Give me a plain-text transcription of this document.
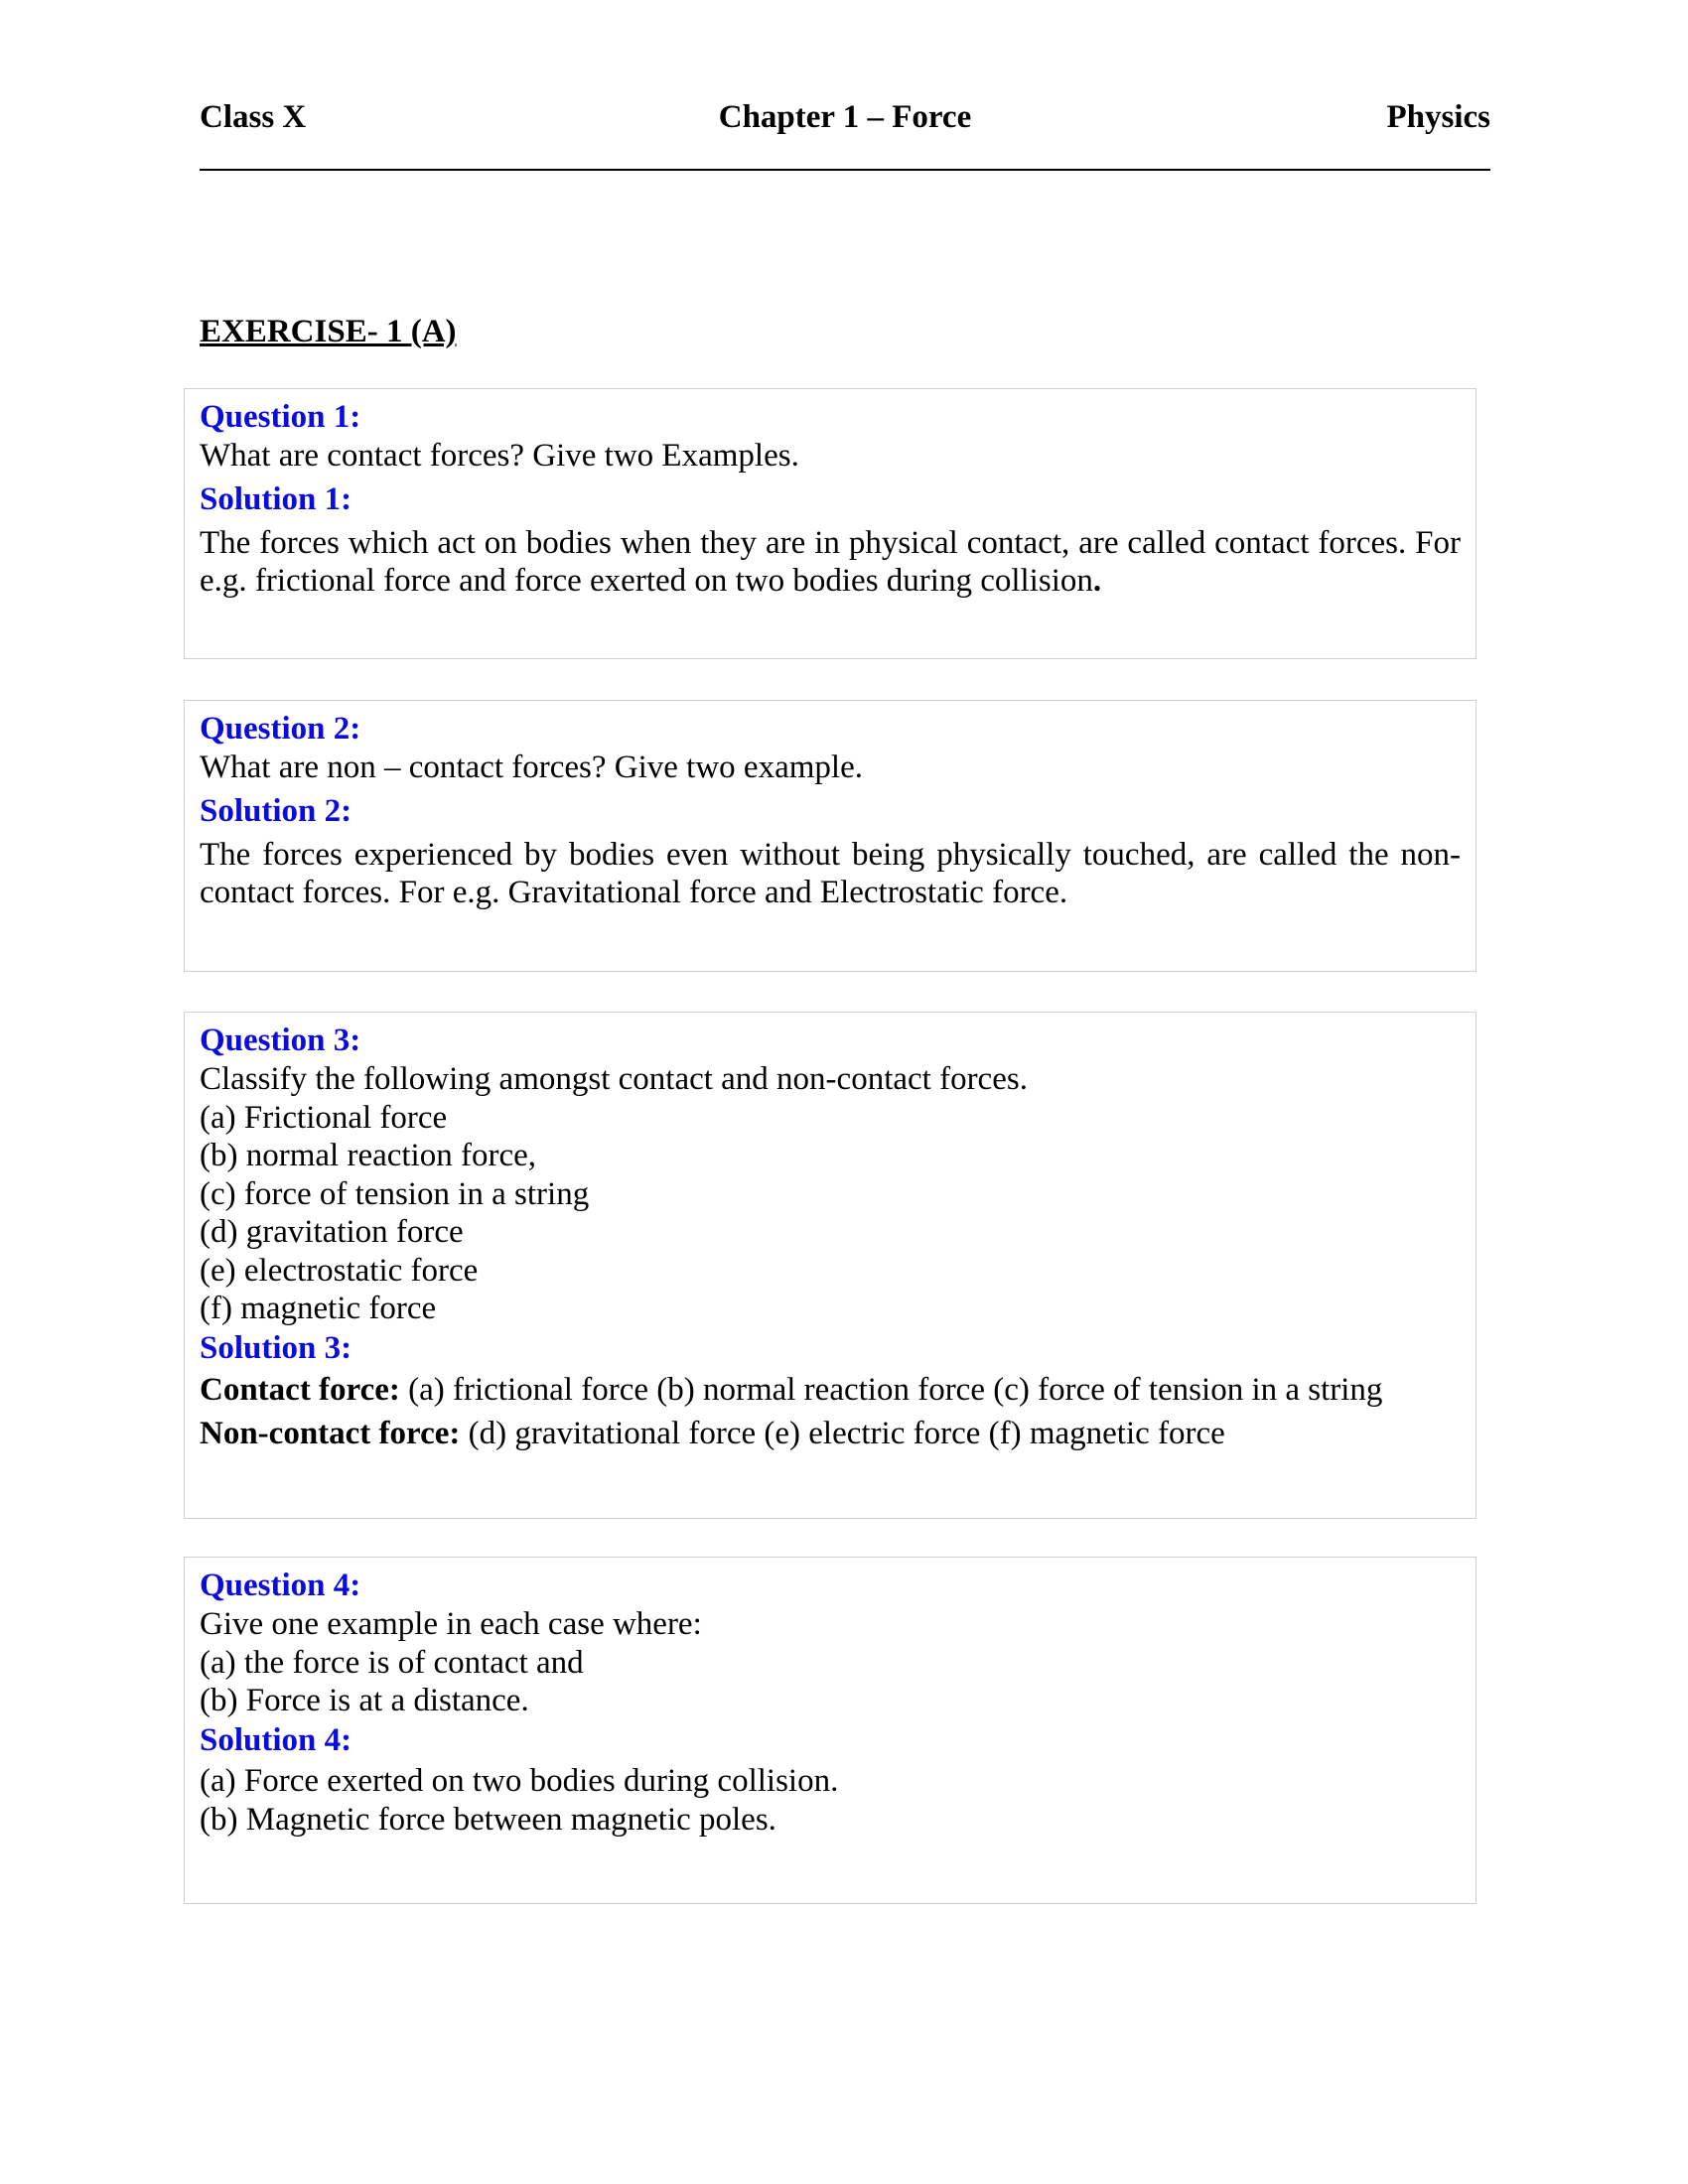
Chapter 1 – Force
Class X	Physics
EXERCISE- 1 (A)
Question 1:
What are contact forces? Give two Examples.
Solution 1:
The forces which act on bodies when they are in physical contact, are called contact forces. For e.g. frictional force and force exerted on two bodies during collision.
Question 2:
What are non – contact forces? Give two example.
Solution 2:
The forces experienced by bodies even without being physically touched, are called the non-contact forces. For e.g. Gravitational force and Electrostatic force.
Question 3:
Classify the following amongst contact and non-contact forces.
(a) Frictional force
(b) normal reaction force,
(c) force of tension in a string
(d) gravitation force
(e) electrostatic force
(f) magnetic force
Solution 3:
Contact force: (a) frictional force (b) normal reaction force (c) force of tension in a string
Non-contact force: (d) gravitational force (e) electric force (f) magnetic force
Question 4:
Give one example in each case where:
(a) the force is of contact and
(b) Force is at a distance.
Solution 4:
(a) Force exerted on two bodies during collision.
(b) Magnetic force between magnetic poles.
